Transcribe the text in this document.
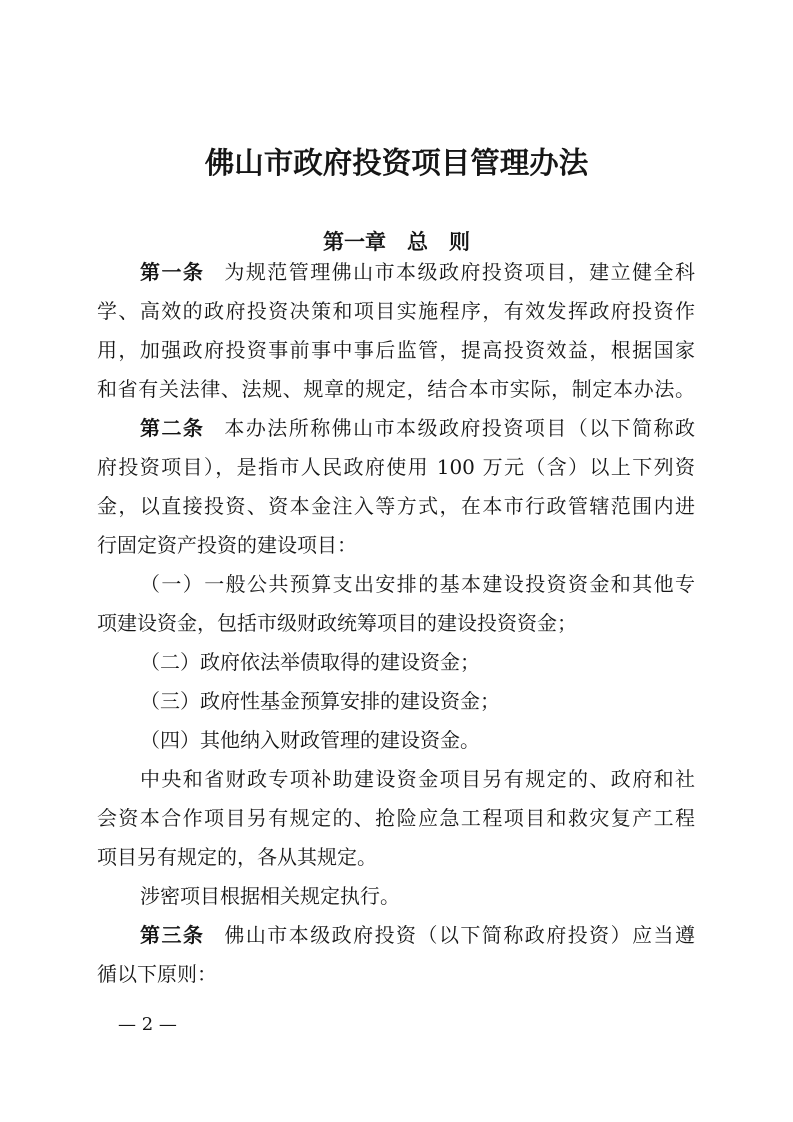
佛山市政府投资项目管理办法
第一章　总　则
第一条 为规范管理佛山市本级政府投资项目，建立健全科
学、高效的政府投资决策和项目实施程序，有效发挥政府投资作
用，加强政府投资事前事中事后监管，提高投资效益，根据国家
和省有关法律、法规、规章的规定，结合本市实际，制定本办法。
第二条 本办法所称佛山市本级政府投资项目（以下简称政
府投资项目），是指市人民政府使用 100 万元（含）以上下列资
金，以直接投资、资本金注入等方式，在本市行政管辖范围内进
行固定资产投资的建设项目：
（一）一般公共预算支出安排的基本建设投资资金和其他专
项建设资金，包括市级财政统筹项目的建设投资资金；
（二）政府依法举债取得的建设资金；
（三）政府性基金预算安排的建设资金；
（四）其他纳入财政管理的建设资金。
中央和省财政专项补助建设资金项目另有规定的、政府和社
会资本合作项目另有规定的、抢险应急工程项目和救灾复产工程
项目另有规定的，各从其规定。
涉密项目根据相关规定执行。
第三条 佛山市本级政府投资（以下简称政府投资）应当遵
循以下原则：
— 2 —
